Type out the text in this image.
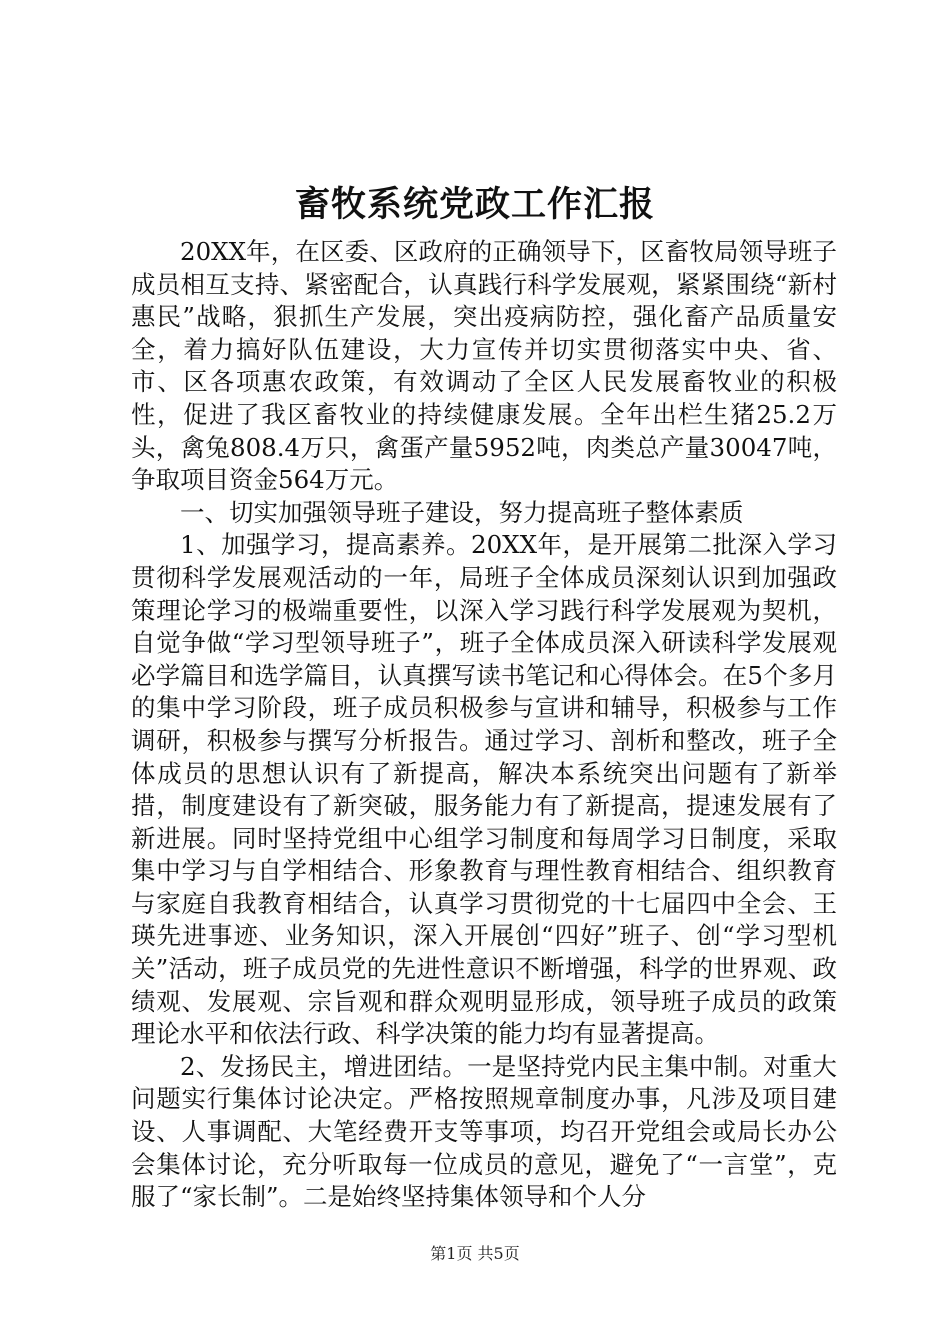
畜牧系统党政工作汇报

20XX年，在区委、区政府的正确领导下，区畜牧局领导班子成员相互支持、紧密配合，认真践行科学发展观，紧紧围绕“新村惠民”战略，狠抓生产发展，突出疫病防控，强化畜产品质量安全，着力搞好队伍建设，大力宣传并切实贯彻落实中央、省、市、区各项惠农政策，有效调动了全区人民发展畜牧业的积极性，促进了我区畜牧业的持续健康发展。全年出栏生猪25.2万头，禽兔808.4万只，禽蛋产量5952吨，肉类总产量30047吨，争取项目资金564万元。

一、切实加强领导班子建设，努力提高班子整体素质

1、加强学习，提高素养。20XX年，是开展第二批深入学习贯彻科学发展观活动的一年，局班子全体成员深刻认识到加强政策理论学习的极端重要性，以深入学习践行科学发展观为契机，自觉争做“学习型领导班子”，班子全体成员深入研读科学发展观必学篇目和选学篇目，认真撰写读书笔记和心得体会。在5个多月的集中学习阶段，班子成员积极参与宣讲和辅导，积极参与工作调研，积极参与撰写分析报告。通过学习、剖析和整改，班子全体成员的思想认识有了新提高，解决本系统突出问题有了新举措，制度建设有了新突破，服务能力有了新提高，提速发展有了新进展。同时坚持党组中心组学习制度和每周学习日制度，采取集中学习与自学相结合、形象教育与理性教育相结合、组织教育与家庭自我教育相结合，认真学习贯彻党的十七届四中全会、王瑛先进事迹、业务知识，深入开展创“四好”班子、创“学习型机关”活动，班子成员党的先进性意识不断增强，科学的世界观、政绩观、发展观、宗旨观和群众观明显形成，领导班子成员的政策理论水平和依法行政、科学决策的能力均有显著提高。

2、发扬民主，增进团结。一是坚持党内民主集中制。对重大问题实行集体讨论决定。严格按照规章制度办事，凡涉及项目建设、人事调配、大笔经费开支等事项，均召开党组会或局长办公会集体讨论，充分听取每一位成员的意见，避免了“一言堂”，克服了“家长制”。二是始终坚持集体领导和个人分

第1页 共5页
